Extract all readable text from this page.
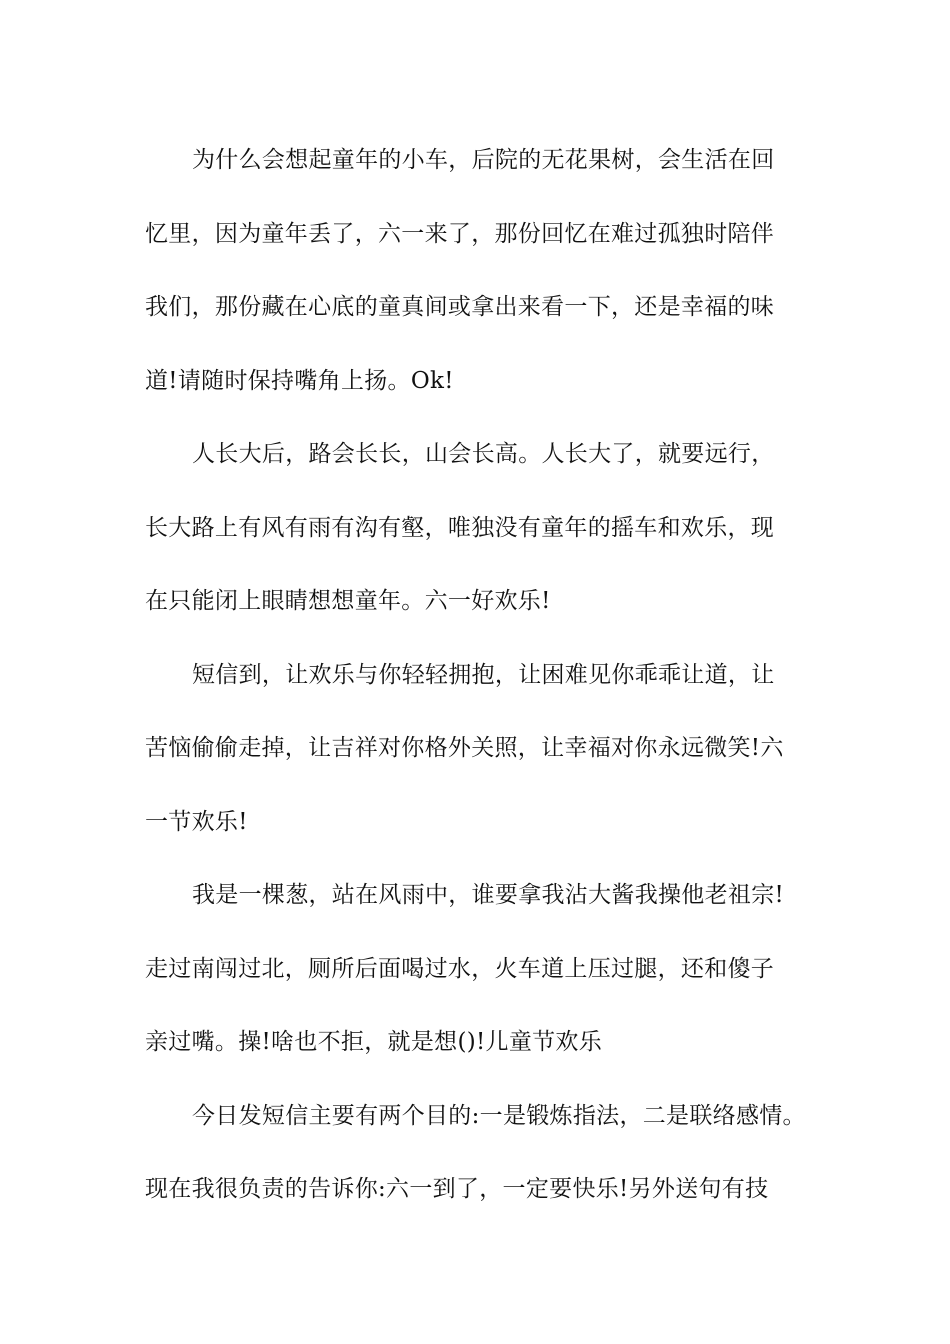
为什么会想起童年的小车，后院的无花果树，会生活在回
忆里，因为童年丢了，六一来了，那份回忆在难过孤独时陪伴
我们，那份藏在心底的童真间或拿出来看一下，还是幸福的味
道!请随时保持嘴角上扬。Ok!

人长大后，路会长长，山会长高。人长大了，就要远行，
长大路上有风有雨有沟有壑，唯独没有童年的摇车和欢乐，现
在只能闭上眼睛想想童年。六一好欢乐!

短信到，让欢乐与你轻轻拥抱，让困难见你乖乖让道，让
苦恼偷偷走掉，让吉祥对你格外关照，让幸福对你永远微笑!六
一节欢乐!

我是一棵葱，站在风雨中，谁要拿我沾大酱我操他老祖宗!
走过南闯过北，厕所后面喝过水，火车道上压过腿，还和傻子
亲过嘴。操!啥也不拒，就是想()!儿童节欢乐

今日发短信主要有两个目的:一是锻炼指法，二是联络感情。
现在我很负责的告诉你:六一到了，一定要快乐!另外送句有技
